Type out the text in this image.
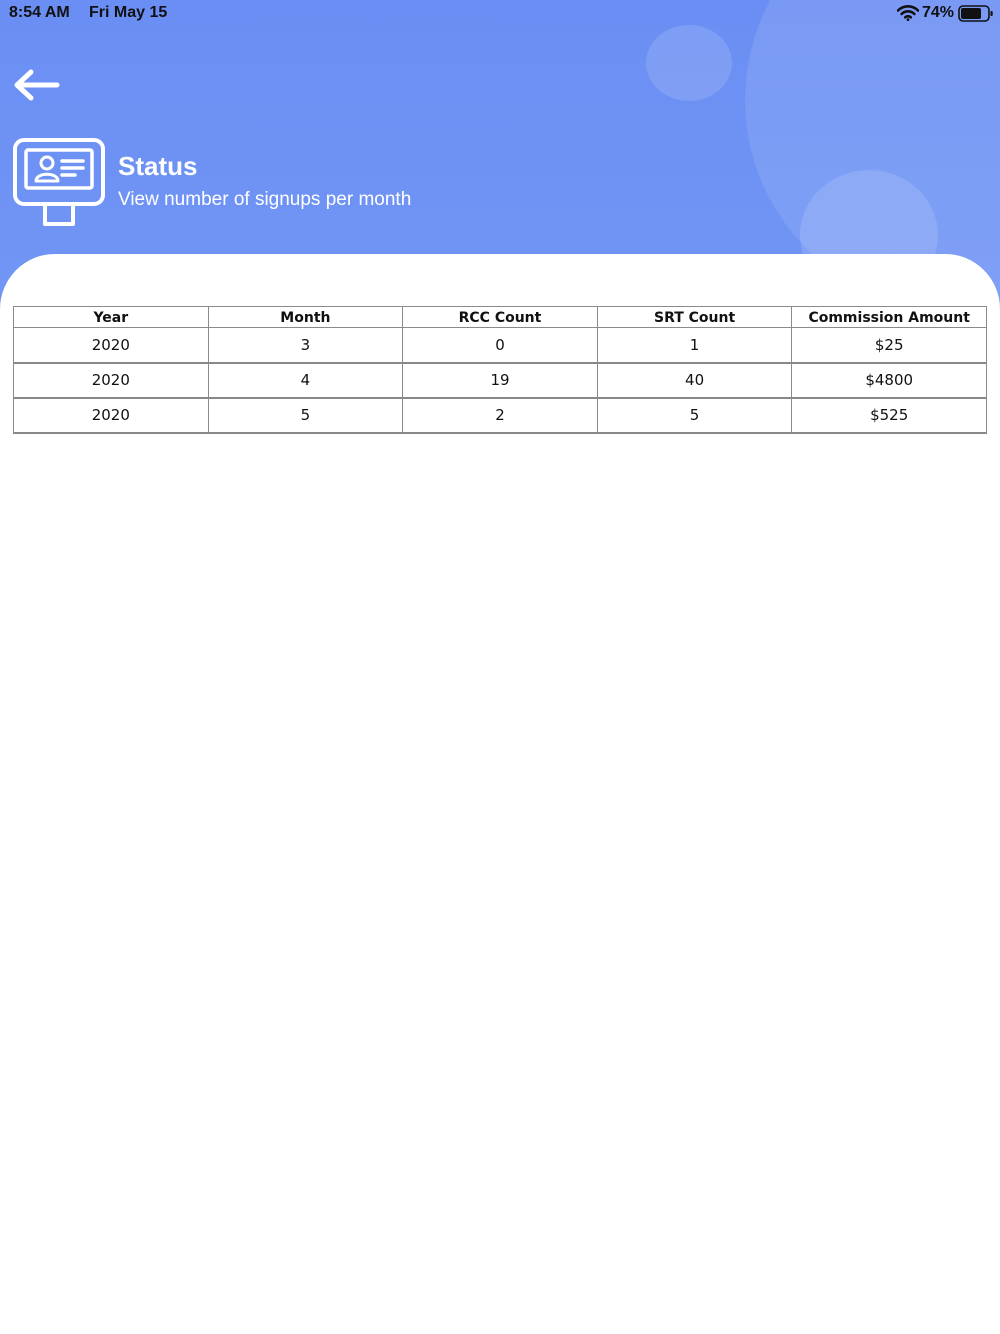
8:54 AM Fri May 15	74%
Status
View number of signups per month
Year	Month	RCC Count	SRT Count	Commission Amount
2020	3	0	1	$25
2020	4	19	40	$4800
2020	5	2	5	$525
